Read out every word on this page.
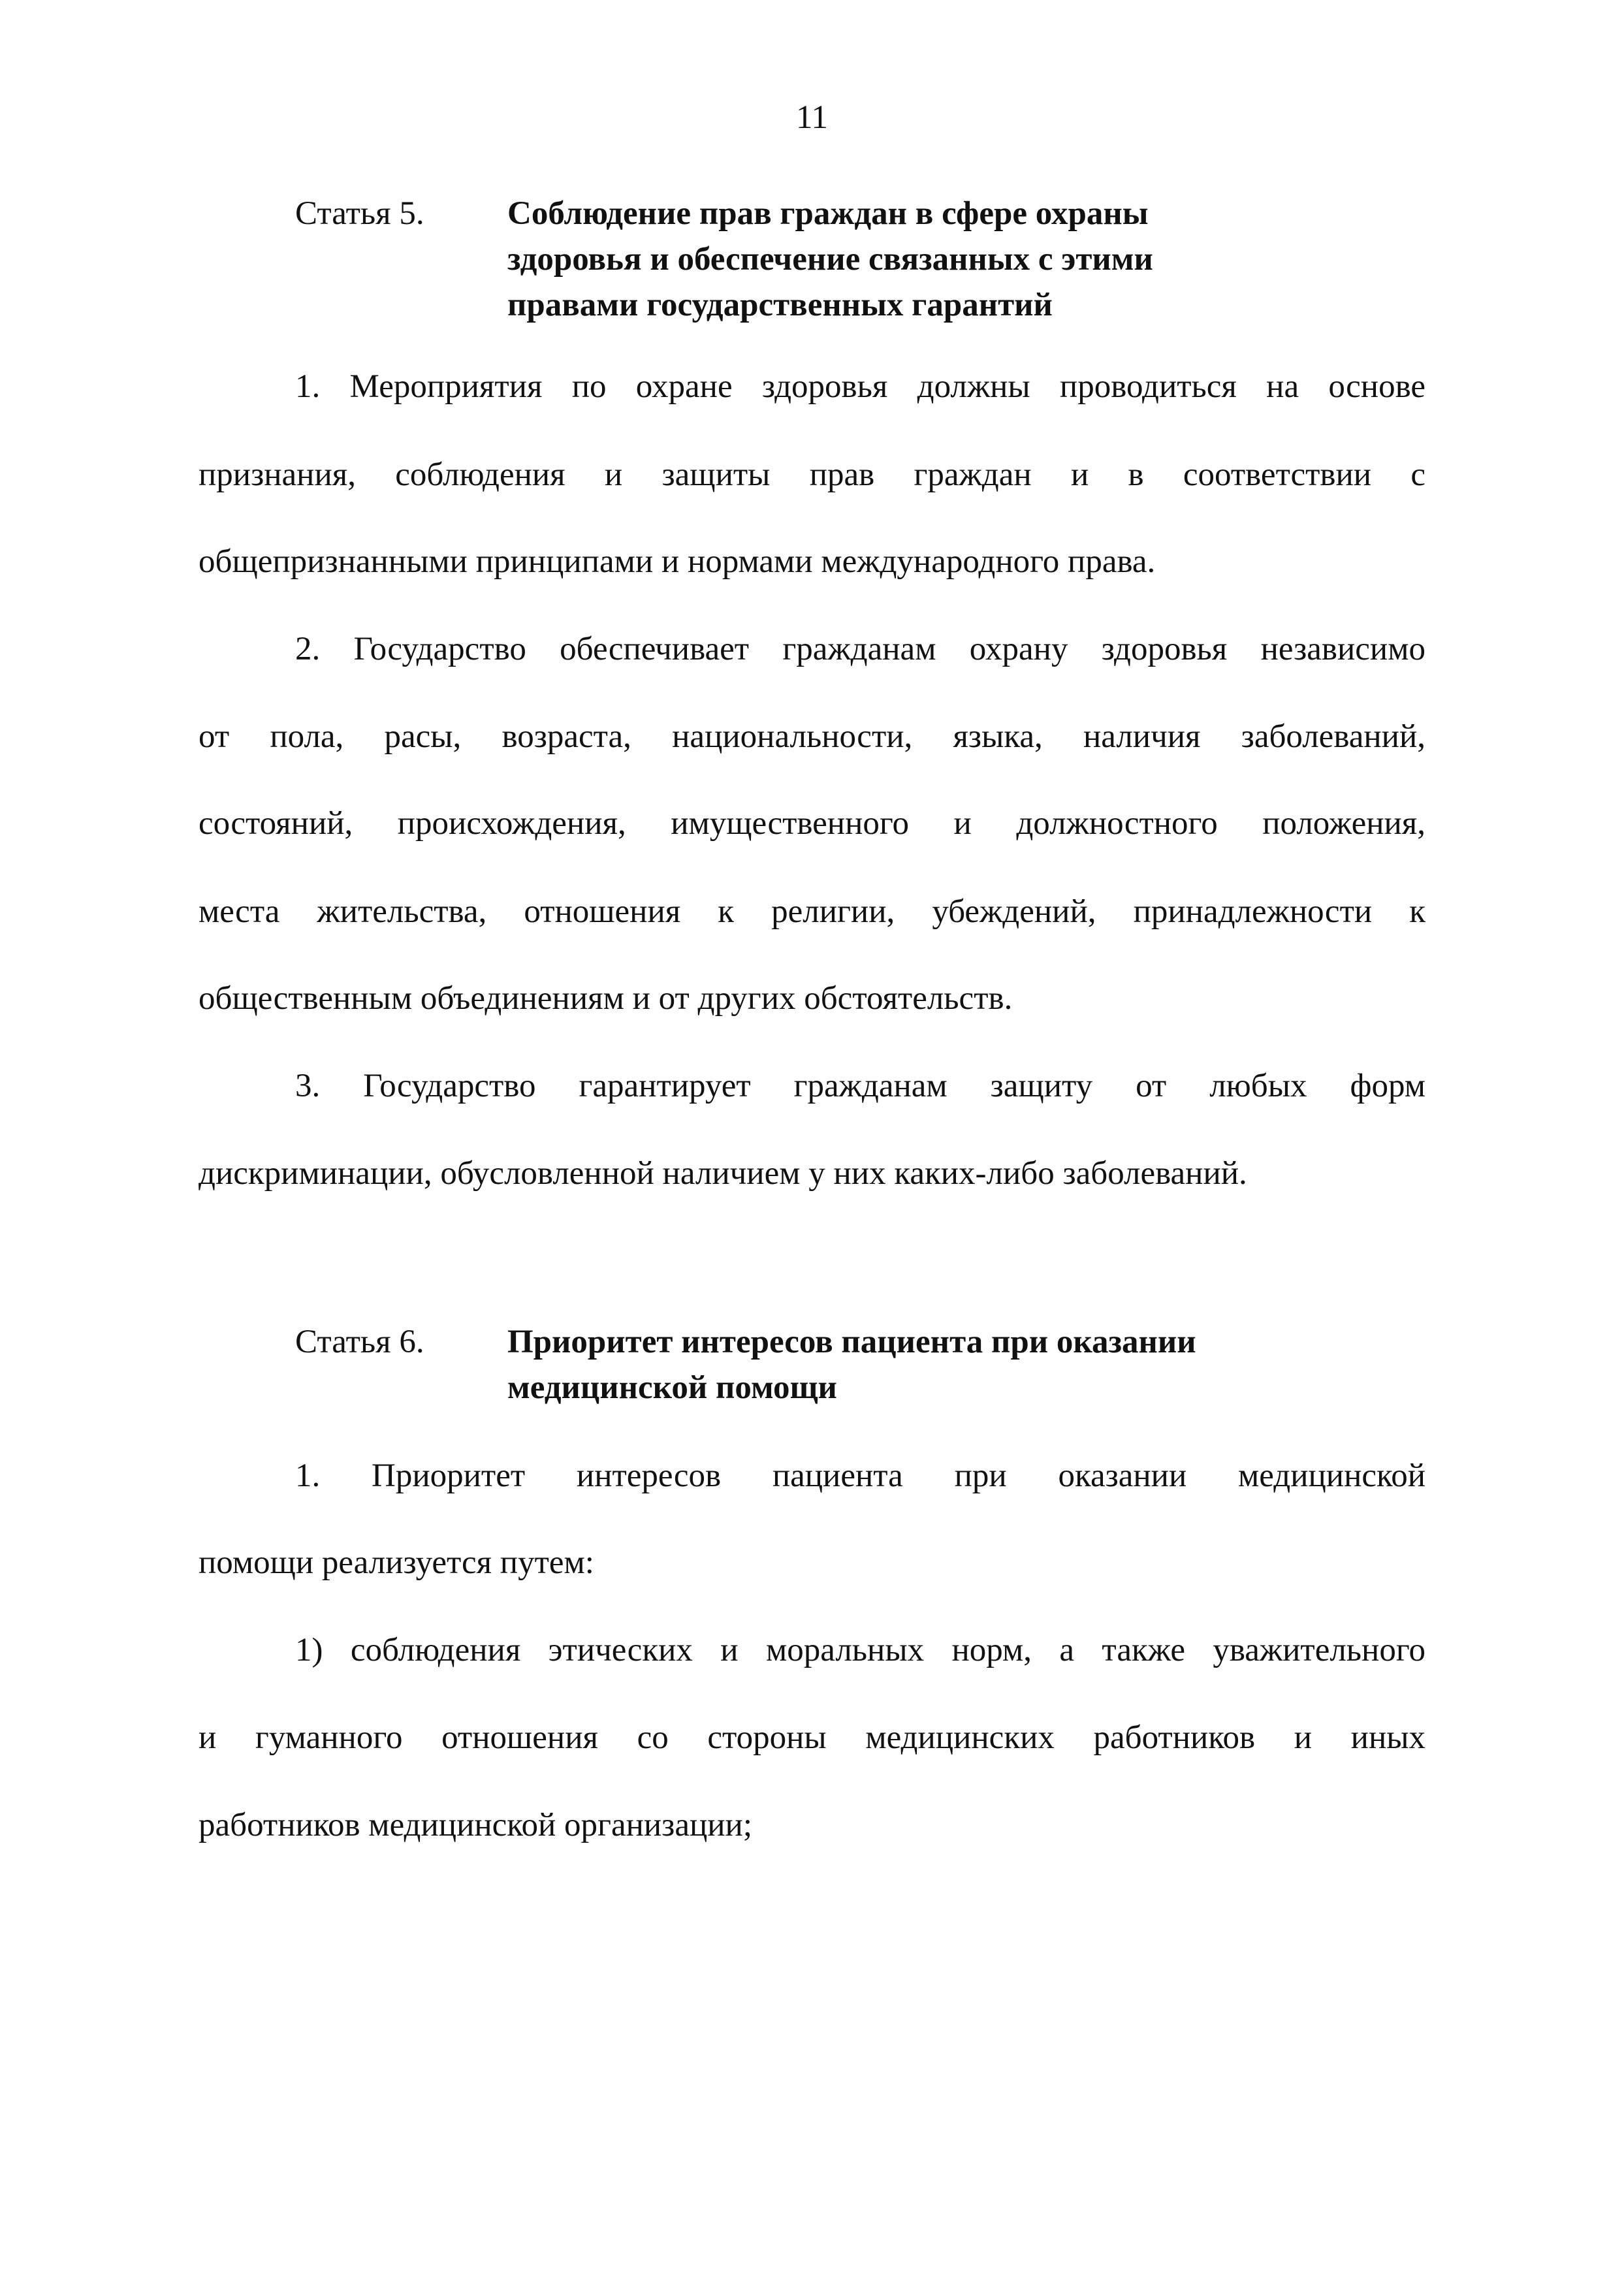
11
Статья 5. Соблюдение прав граждан в сфере охраны
здоровья и обеспечение связанных с этими
правами государственных гарантий
1. Мероприятия по охране здоровья должны проводиться на основе
признания, соблюдения и защиты прав граждан и в соответствии с
общепризнанными принципами и нормами международного права.
2. Государство обеспечивает гражданам охрану здоровья независимо
от пола, расы, возраста, национальности, языка, наличия заболеваний,
состояний, происхождения, имущественного и должностного положения,
места жительства, отношения к религии, убеждений, принадлежности к
общественным объединениям и от других обстоятельств.
3. Государство гарантирует гражданам защиту от любых форм
дискриминации, обусловленной наличием у них каких-либо заболеваний.
Статья 6. Приоритет интересов пациента при оказании
медицинской помощи
1. Приоритет интересов пациента при оказании медицинской
помощи реализуется путем:
1) соблюдения этических и моральных норм, а также уважительного
и гуманного отношения со стороны медицинских работников и иных
работников медицинской организации;
